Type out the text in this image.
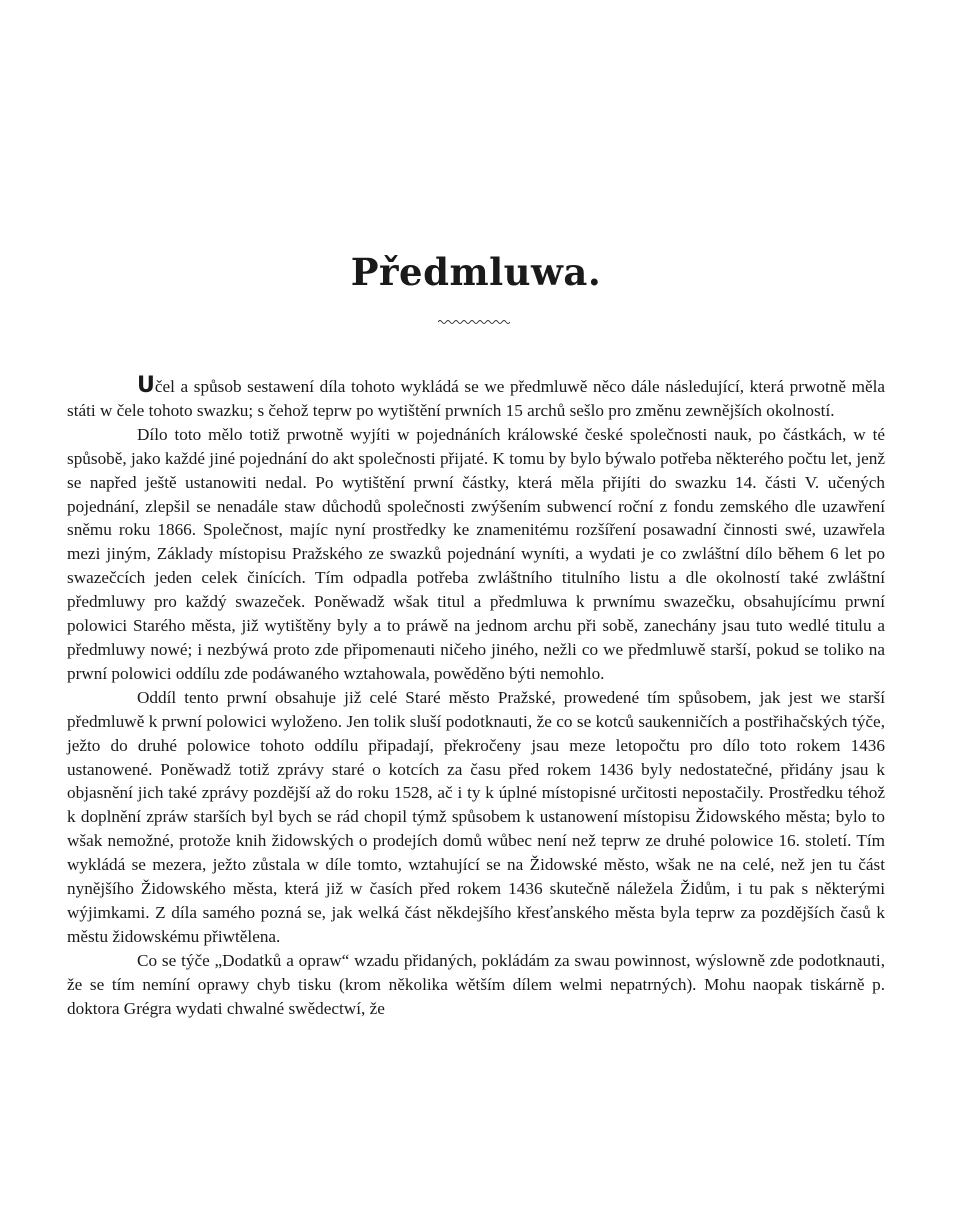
Předmluwa.

Učel a spůsob sestawení díla tohoto wykládá se we předmluwě něco dále následující, která prwotně měla státi w čele tohoto swazku; s čehož teprw po wytištění prwních 15 archů sešlo pro změnu zewnějších okolností.

Dílo toto mělo totiž prwotně wyjíti w pojednáních králowské české společnosti nauk, po částkách, w té spůsobě, jako každé jiné pojednání do akt společnosti přijaté. K tomu by bylo býwalo potřeba některého počtu let, jenž se napřed ještě ustanowiti nedal. Po wytištění prwní částky, která měla přijíti do swazku 14. části V. učených pojednání, zlepšil se nenadále staw důchodů společnosti zwýšením subwencí roční z fondu zemského dle uzawření sněmu roku 1866. Společnost, majíc nyní prostředky ke znamenitému rozšíření posawadní činnosti swé, uzawřela mezi jiným, Základy místopisu Pražského ze swazků pojednání wyníti, a wydati je co zwláštní dílo během 6 let po swazečcích jeden celek činících. Tím odpadla potřeba zwláštního titulního listu a dle okolností také zwláštní předmluwy pro každý swazeček. Poněwadž wšak titul a předmluwa k prwnímu swazečku, obsahujícímu prwní polowici Starého města, již wytištěny byly a to práwě na jednom archu při sobě, zanechány jsau tuto wedlé titulu a předmluwy nowé; i nezbýwá proto zde připomenauti ničeho jiného, nežli co we předmluwě starší, pokud se toliko na prwní polowici oddílu zde podáwaného wztahowala, powěděno býti nemohlo.

Oddíl tento prwní obsahuje již celé Staré město Pražské, prowedené tím spůsobem, jak jest we starší předmluwě k prwní polowici wyloženo. Jen tolik sluší podotknauti, že co se kotců saukenničích a postřihačských týče, ježto do druhé polowice tohoto oddílu připadají, překročeny jsau meze letopočtu pro dílo toto rokem 1436 ustanowené. Poněwadž totiž zprávy staré o kotcích za času před rokem 1436 byly nedostatečné, přidány jsau k objasnění jich také zprávy pozdější až do roku 1528, ač i ty k úplné místopisné určitosti nepostačily. Prostředku téhož k doplnění zpráw starších byl bych se rád chopil týmž spůsobem k ustanowení místopisu Židowského města; bylo to wšak nemožné, protože knih židowských o prodejích domů wůbec není než teprw ze druhé polowice 16. století. Tím wykládá se mezera, ježto zůstala w díle tomto, wztahující se na Židowské město, wšak ne na celé, než jen tu část nynějšího Židowského města, která již w časích před rokem 1436 skutečně náležela Židům, i tu pak s některými wýjimkami. Z díla samého pozná se, jak welká část někdejšího křesťanského města byla teprw za pozdějších časů k městu židowskému přiwtělena.

Co se týče „Dodatků a opraw“ wzadu přidaných, pokládám za swau powinnost, wýslowně zde podotknauti, že se tím nemíní oprawy chyb tisku (krom několika wětším dílem welmi nepatrných). Mohu naopak tiskárně p. doktora Grégra wydati chwalné swědectwí, že
